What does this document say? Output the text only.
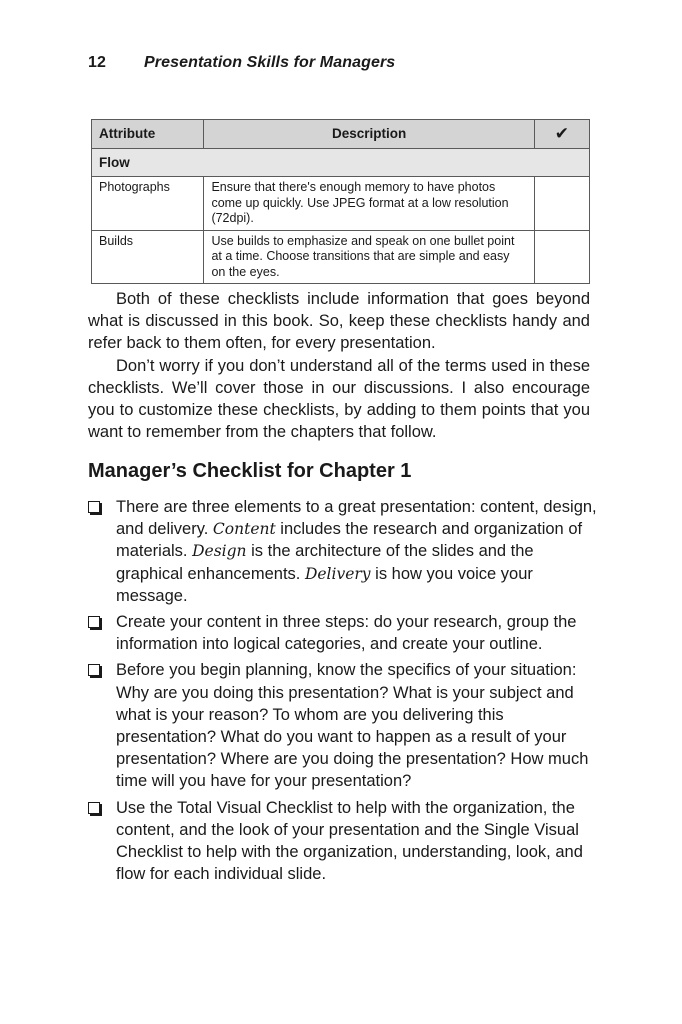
12 Presentation Skills for Managers
Attribute	Description	✔
Flow		
Photographs	Ensure that there's enough memory to have photos come up quickly. Use JPEG format at a low resolution (72dpi).	
Builds	Use builds to emphasize and speak on one bullet point at a time. Choose transitions that are simple and easy on the eyes.	

Both of these checklists include information that goes beyond what is discussed in this book. So, keep these checklists handy and refer back to them often, for every presentation.

Don’t worry if you don’t understand all of the terms used in these checklists. We’ll cover those in our discussions. I also encourage you to customize these checklists, by adding to them points that you want to remember from the chapters that follow.

Manager’s Checklist for Chapter 1
There are three elements to a great presentation: content, design, and delivery. Content includes the research and organization of materials. Design is the architecture of the slides and the graphical enhancements. Delivery is how you voice your message.
Create your content in three steps: do your research, group the information into logical categories, and create your outline.
Before you begin planning, know the specifics of your situation: Why are you doing this presentation? What is your subject and what is your reason? To whom are you delivering this presentation? What do you want to happen as a result of your presentation? Where are you doing the presentation? How much time will you have for your presentation?
Use the Total Visual Checklist to help with the organization, the content, and the look of your presentation and the Single Visual Checklist to help with the organization, understanding, look, and flow for each individual slide.
